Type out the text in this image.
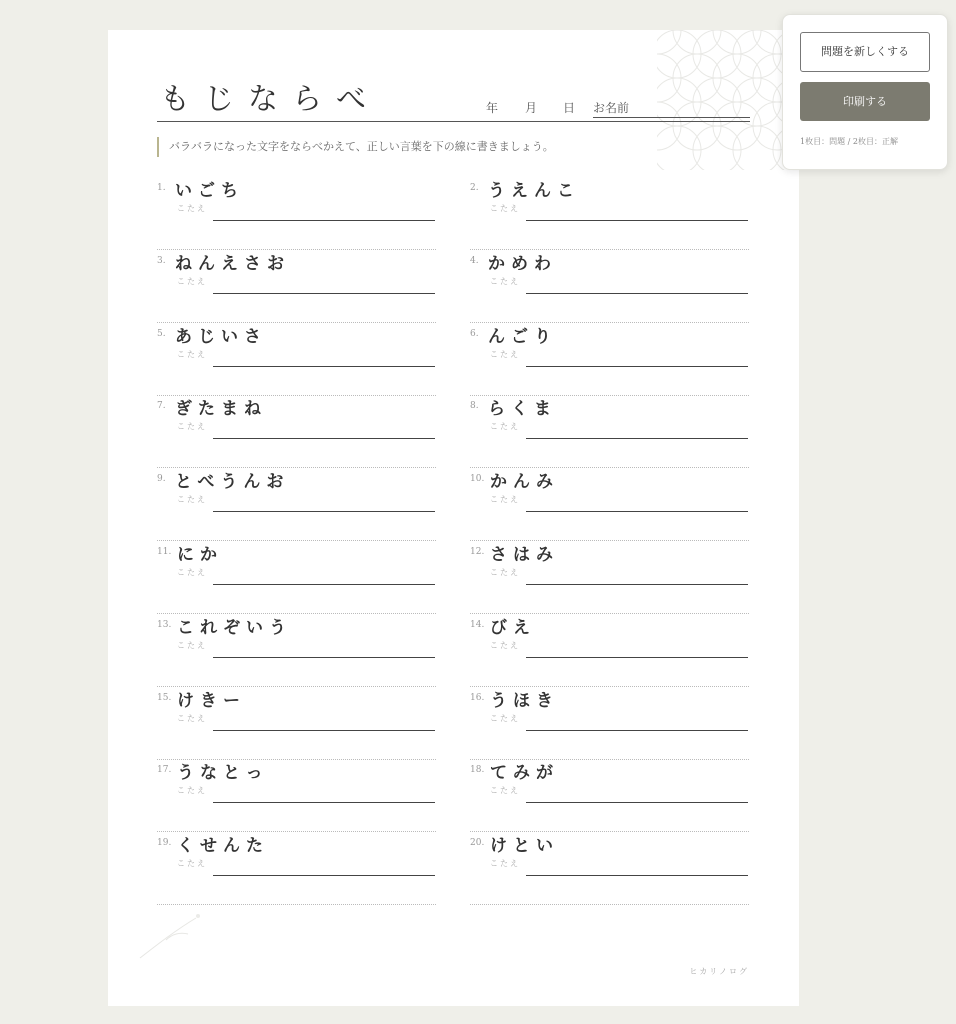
もじならべ	年 月 日 お名前
バラバラになった文字をならべかえて、正しい言葉を下の線に書きましょう。
1. いごち
こたえ
2. うえんこ
こたえ
3. ねんえさお
こたえ
4. かめわ
こたえ
5. あじいさ
こたえ
6. んごり
こたえ
7. ぎたまね
こたえ
8. らくま
こたえ
9. とべうんお
こたえ
10. かんみ
こたえ
11. にか
こたえ
12. さはみ
こたえ
13. これぞいう
こたえ
14. びえ
こたえ
15. けきー
こたえ
16. うほき
こたえ
17. うなとっ
こたえ
18. てみが
こたえ
19. くせんた
こたえ
20. けとい
こたえ
ヒカリノログ
問題を新しくする
印刷する
1枚目：問題 / 2枚目：正解
